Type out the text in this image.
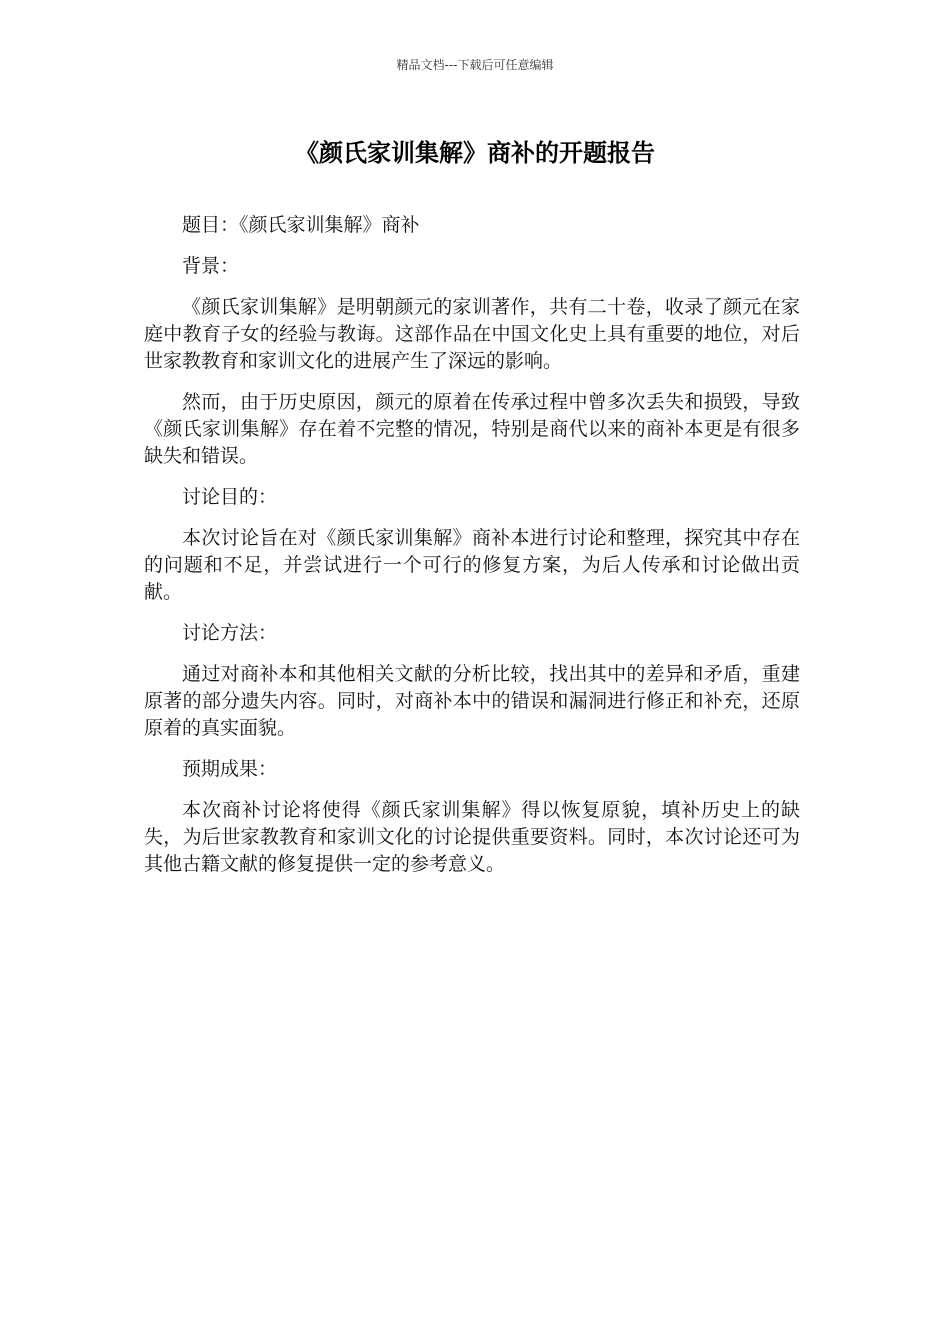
精品文档---下载后可任意编辑
《颜氏家训集解》商补的开题报告

题目：《颜氏家训集解》商补

背景：

《颜氏家训集解》是明朝颜元的家训著作，共有二十卷，收录了颜元在家庭中教育子女的经验与教诲。这部作品在中国文化史上具有重要的地位，对后世家教教育和家训文化的进展产生了深远的影响。

然而，由于历史原因，颜元的原着在传承过程中曾多次丢失和损毁，导致《颜氏家训集解》存在着不完整的情况，特别是商代以来的商补本更是有很多缺失和错误。

讨论目的：

本次讨论旨在对《颜氏家训集解》商补本进行讨论和整理，探究其中存在的问题和不足，并尝试进行一个可行的修复方案，为后人传承和讨论做出贡献。

讨论方法：

通过对商补本和其他相关文献的分析比较，找出其中的差异和矛盾，重建原著的部分遗失内容。同时，对商补本中的错误和漏洞进行修正和补充，还原原着的真实面貌。

预期成果：

本次商补讨论将使得《颜氏家训集解》得以恢复原貌，填补历史上的缺失，为后世家教教育和家训文化的讨论提供重要资料。同时，本次讨论还可为其他古籍文献的修复提供一定的参考意义。
